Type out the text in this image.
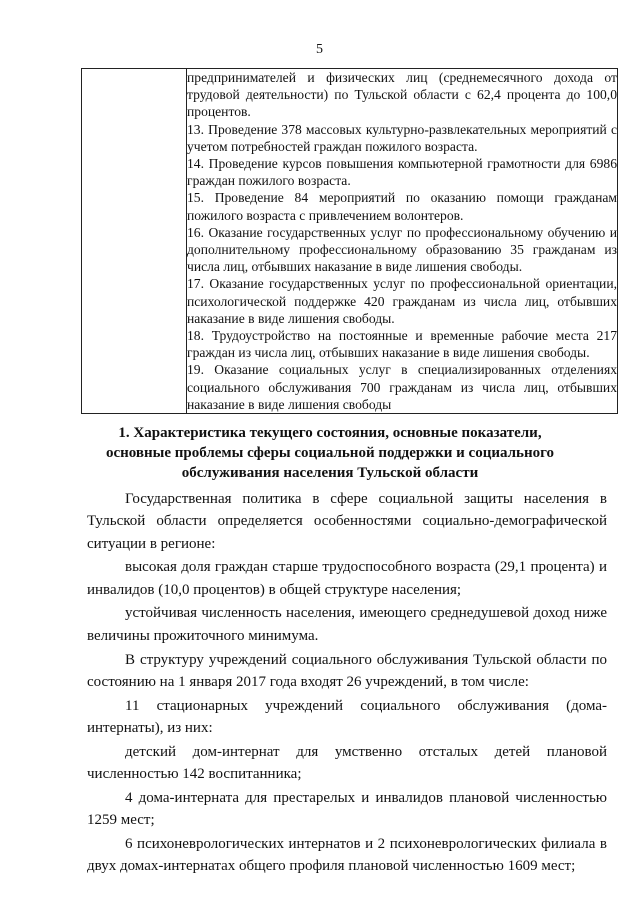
5

предпринимателей и физических лиц (среднемесячного дохода от трудовой деятельности) по Тульской области с 62,4 процента до 100,0 процентов.
13. Проведение 378 массовых культурно-развлекательных мероприятий с учетом потребностей граждан пожилого возраста.
14. Проведение курсов повышения компьютерной грамотности для 6986 граждан пожилого возраста.
15. Проведение 84 мероприятий по оказанию помощи гражданам пожилого возраста с привлечением волонтеров.
16. Оказание государственных услуг по профессиональному обучению и дополнительному профессиональному образованию 35 гражданам из числа лиц, отбывших наказание в виде лишения свободы.
17. Оказание государственных услуг по профессиональной ориентации, психологической поддержке 420 гражданам из числа лиц, отбывших наказание в виде лишения свободы.
18. Трудоустройство на постоянные и временные рабочие места 217 граждан из числа лиц, отбывших наказание в виде лишения свободы.
19. Оказание социальных услуг в специализированных отделениях социального обслуживания 700 гражданам из числа лиц, отбывших наказание в виде лишения свободы
1. Характеристика текущего состояния, основные показатели, основные проблемы сферы социальной поддержки и социального обслуживания населения Тульской области

Государственная политика в сфере социальной защиты населения в Тульской области определяется особенностями социально-демографической ситуации в регионе:

высокая доля граждан старше трудоспособного возраста (29,1 процента) и инвалидов (10,0 процентов) в общей структуре населения;

устойчивая численность населения, имеющего среднедушевой доход ниже величины прожиточного минимума.

В структуру учреждений социального обслуживания Тульской области по состоянию на 1 января 2017 года входят 26 учреждений, в том числе:

11 стационарных учреждений социального обслуживания (дома-интернаты), из них:

детский дом-интернат для умственно отсталых детей плановой численностью 142 воспитанника;

4 дома-интерната для престарелых и инвалидов плановой численностью 1259 мест;

6 психоневрологических интернатов и 2 психоневрологических филиала в двух домах-интернатах общего профиля плановой численностью 1609 мест;
